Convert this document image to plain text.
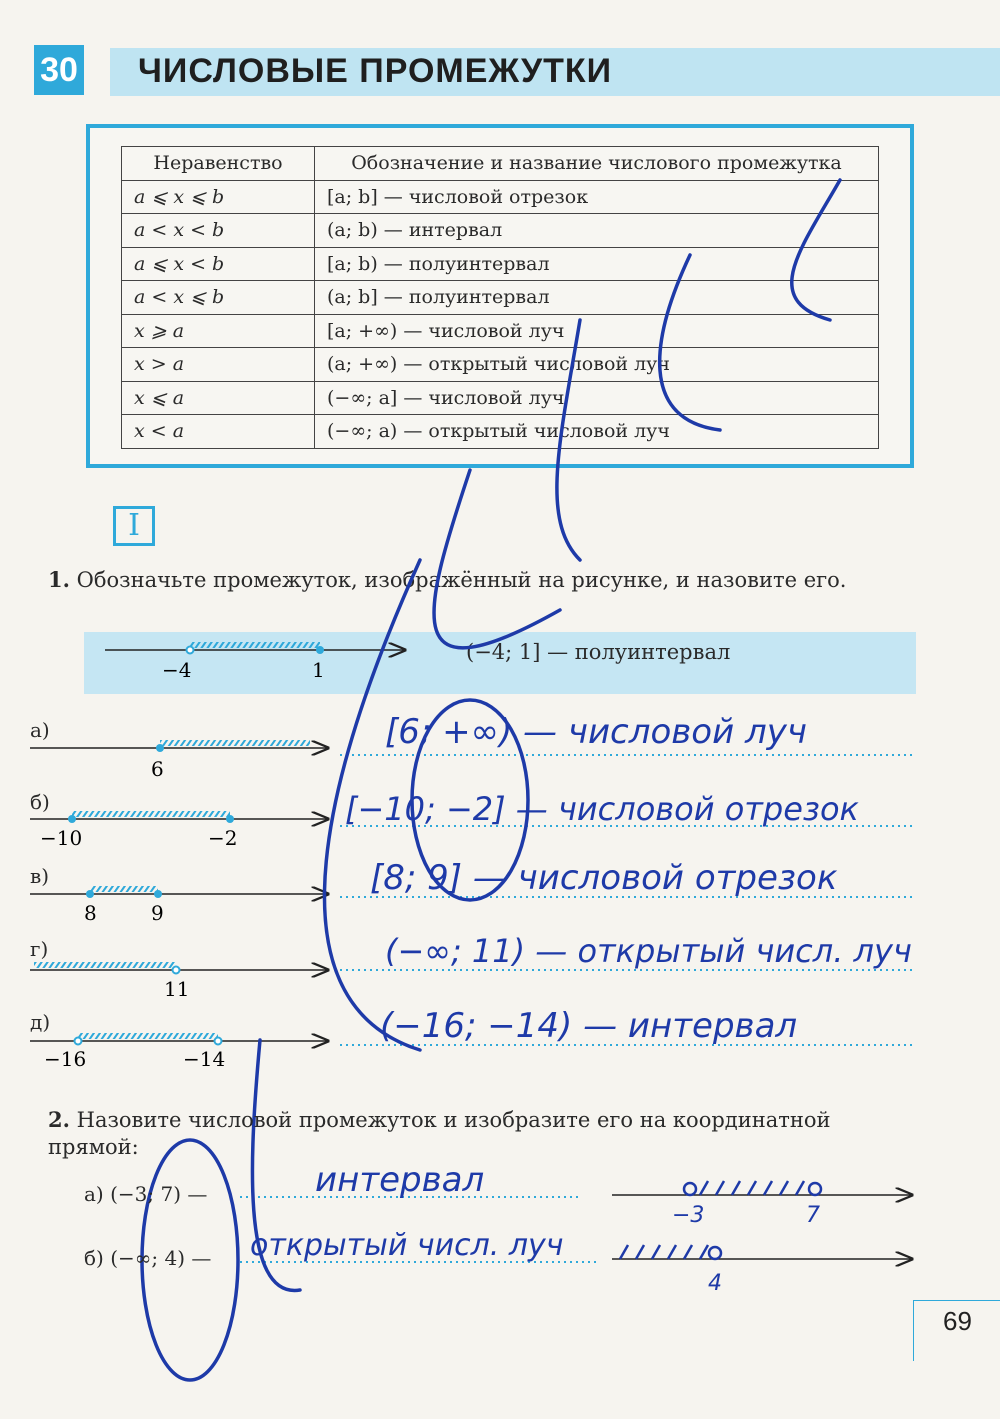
30 ЧИСЛОВЫЕ ПРОМЕЖУТКИ
Неравенство	Обозначение и название числового промежутка
a ⩽ x ⩽ b	[a; b] — числовой отрезок
a < x < b	(a; b) — интервал
a ⩽ x < b	[a; b) — полуинтервал
a < x ⩽ b	(a; b] — полуинтервал
x ⩾ a	[a; +∞) — числовой луч
x > a	(a; +∞) — открытый числовой луч
x ⩽ a	(−∞; a] — числовой луч
x < a	(−∞; a) — открытый числовой луч
I
1. Обозначьте промежуток, изображённый на рисунке, и назовите его.
(−4; 1] — полуинтервал
−4	1
6
−10	−2
8	9
11
−16	−14
−3	7
4
а)
б)
в)
г)
д)
[6; +∞) — числовой луч
[−10; −2] — числовой отрезок
[8; 9] — числовой отрезок
(−∞; 11) — открытый числ. луч
(−16; −14) — интервал
2. Назовите числовой промежуток и изобразите его на координатной прямой:
а) (−3; 7) —
б) (−∞; 4) —
интервал
открытый числ. луч
69
